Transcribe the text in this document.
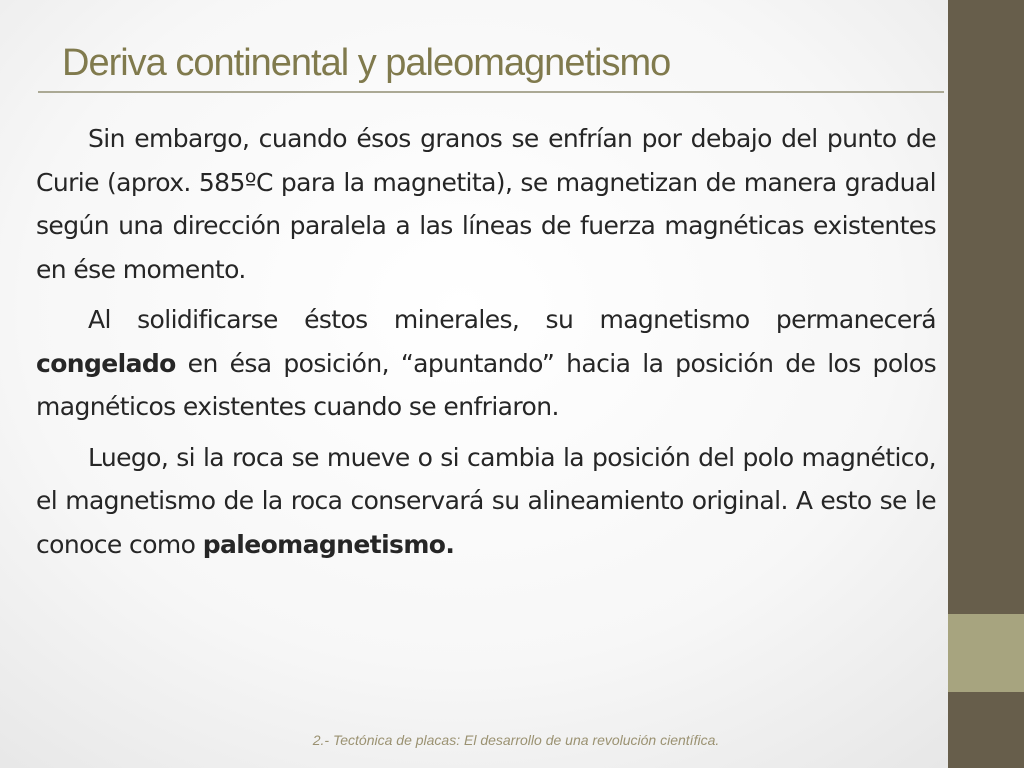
Deriva continental y paleomagnetismo

Sin embargo, cuando ésos granos se enfrían por debajo del punto de Curie (aprox. 585ºC para la magnetita), se magnetizan de manera gradual según una dirección paralela a las líneas de fuerza magnéticas existentes en ése momento.

Al solidificarse éstos minerales, su magnetismo permanecerá congelado en ésa posición, “apuntando” hacia la posición de los polos magnéticos existentes cuando se enfriaron.

Luego, si la roca se mueve o si cambia la posición del polo magnético, el magnetismo de la roca conservará su alineamiento original. A esto se le conoce como paleomagnetismo.

2.- Tectónica de placas: El desarrollo de una revolución científica.
